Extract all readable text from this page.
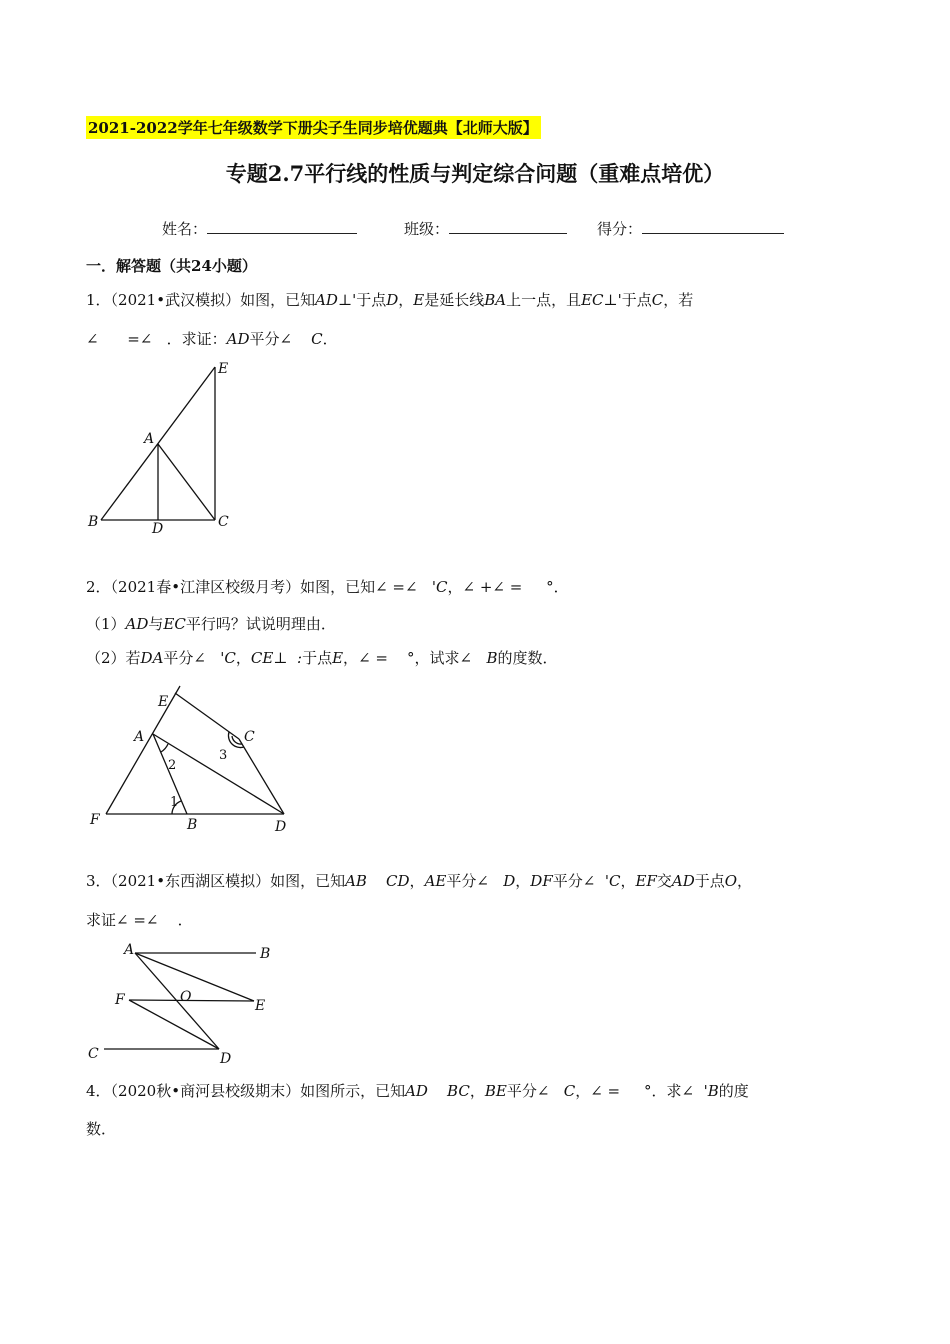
2021-2022学年七年级数学下册尖子生同步培优题典【北师大版】
专题2.7平行线的性质与判定综合问题（重难点培优）
姓名：	班级：	得分：
一．解答题（共24小题）
1．（2021•武汉模拟）如图，已知AD⊥'于点D，E是延长线BA上一点，且EC⊥'于点C，若
∠ =∠ ．求证：AD平分∠ C．
E
A
B	D	C
2．（2021春•江津区校级月考）如图，已知∠ =∠ 'C，∠ +∠ = °．
（1）AD与EC平行吗？试说明理由．
（2）若DA平分∠ 'C，CE⊥ :于点E，∠ = °，试求∠ B的度数．
E
A	C
F	B	D
1
2
3
3．（2021•东西湖区模拟）如图，已知AB CD，AE平分∠ D，DF平分∠ 'C，EF交AD于点O，
求证∠ =∠ ．
A	B
F	O
E
C	D
4．（2020秋•商河县校级期末）如图所示，已知AD BC，BE平分∠ C，∠ = °．求∠ 'B的度
数．
